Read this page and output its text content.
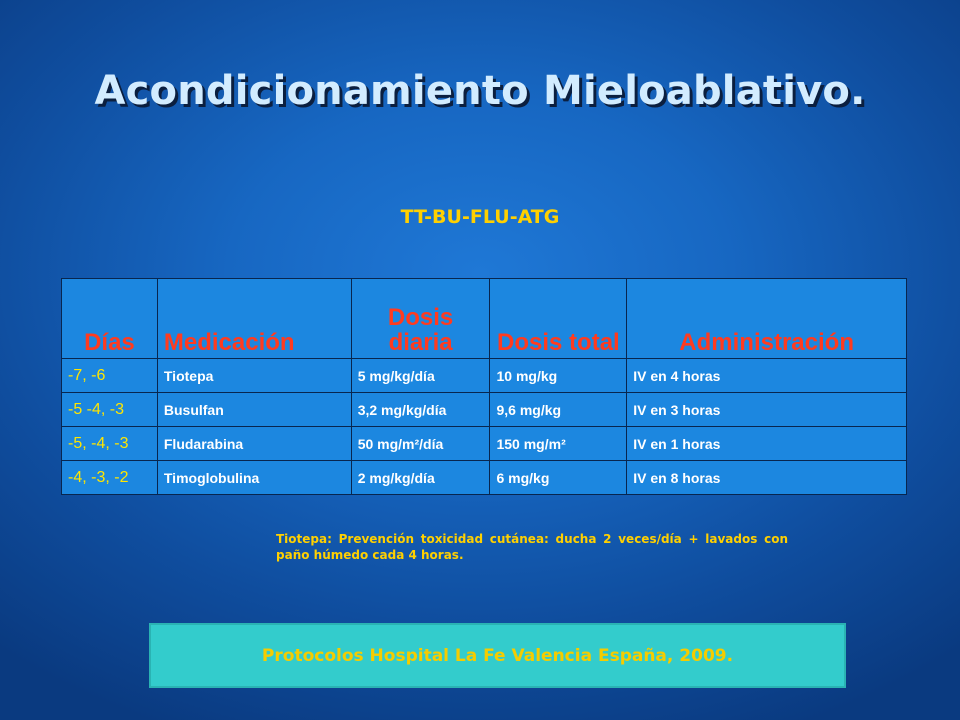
Acondicionamiento Mieloablativo.
TT-BU-FLU-ATG
Días	Medicación	Dosis diaria	Dosis total	Administración
-7, -6	Tiotepa	5 mg/kg/día	10 mg/kg	IV en 4 horas
-5 -4, -3	Busulfan	3,2 mg/kg/día	9,6 mg/kg	IV en 3 horas
-5, -4, -3	Fludarabina	50 mg/m²/día	150 mg/m²	IV en 1 horas
-4, -3, -2	Timoglobulina	2 mg/kg/día	6 mg/kg	IV en 8 horas
Tiotepa: Prevención toxicidad cutánea: ducha 2 veces/día + lavados con paño húmedo cada 4 horas.
Protocolos Hospital La Fe Valencia España, 2009.
